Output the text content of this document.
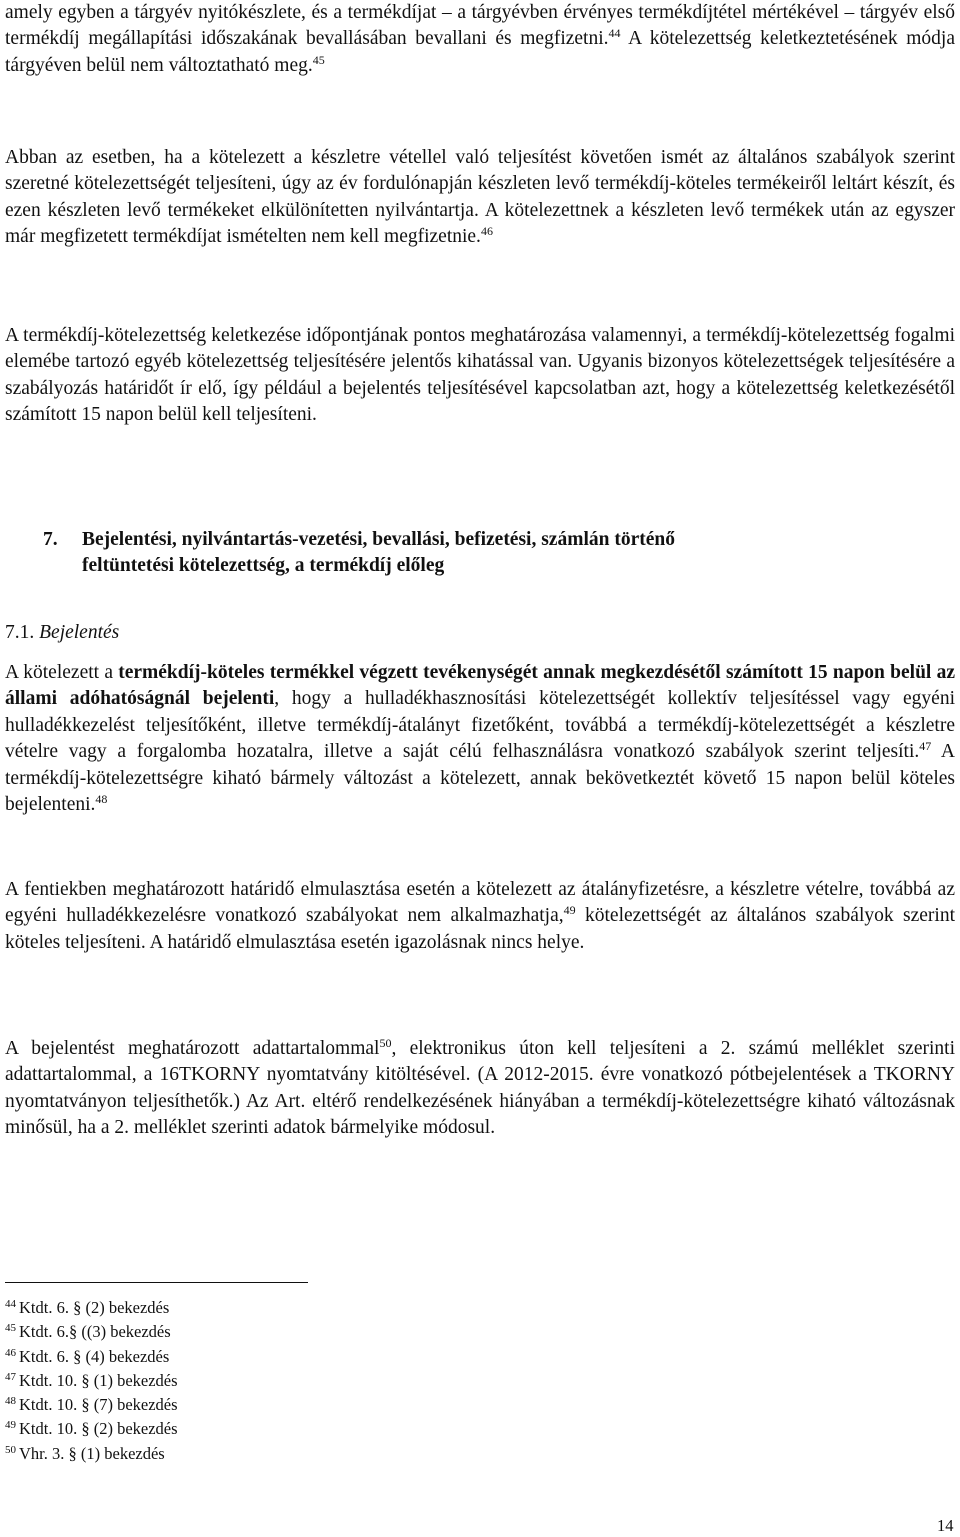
amely egyben a tárgyév nyitókészlete, és a termékdíjat – a tárgyévben érvényes termékdíjtétel mértékével – tárgyév első termékdíj megállapítási időszakának bevallásában bevallani és megfizetni.$^{44}$ A kötelezettség keletkeztetésének módja tárgyéven belül nem változtatható meg.$^{45}$

Abban az esetben, ha a kötelezett a készletre vétellel való teljesítést követően ismét az általános szabályok szerint szeretné kötelezettségét teljesíteni, úgy az év fordulónapján készleten levő termékdíj-köteles termékeiről leltárt készít, és ezen készleten levő termékeket elkülönítetten nyilvántartja. A kötelezettnek a készleten levő termékek után az egyszer már megfizetett termékdíjat ismételten nem kell megfizetnie.$^{46}$

A termékdíj-kötelezettség keletkezése időpontjának pontos meghatározása valamennyi, a termékdíj-kötelezettség fogalmi elemébe tartozó egyéb kötelezettség teljesítésére jelentős kihatással van. Ugyanis bizonyos kötelezettségek teljesítésére a szabályozás határidőt ír elő, így például a bejelentés teljesítésével kapcsolatban azt, hogy a kötelezettség keletkezésétől számított 15 napon belül kell teljesíteni.

7. Bejelentési, nyilvántartás-vezetési, bevallási, befizetési, számlán történő
feltüntetési kötelezettség, a termékdíj előleg
7.1. Bejelentés

A kötelezett a termékdíj-köteles termékkel végzett tevékenységét annak megkezdésétől számított 15 napon belül az állami adóhatóságnál bejelenti, hogy a hulladékhasznosítási kötelezettségét kollektív teljesítéssel vagy egyéni hulladékkezelést teljesítőként, illetve termékdíj-átalányt fizetőként, továbbá a termékdíj-kötelezettségét a készletre vételre vagy a forgalomba hozatalra, illetve a saját célú felhasználásra vonatkozó szabályok szerint teljesíti.$^{47}$ A termékdíj-kötelezettségre kiható bármely változást a kötelezett, annak bekövetkeztét követő 15 napon belül köteles bejelenteni.$^{48}$

A fentiekben meghatározott határidő elmulasztása esetén a kötelezett az átalányfizetésre, a készletre vételre, továbbá az egyéni hulladékkezelésre vonatkozó szabályokat nem alkalmazhatja,$^{49}$ kötelezettségét az általános szabályok szerint köteles teljesíteni. A határidő elmulasztása esetén igazolásnak nincs helye.

A bejelentést meghatározott adattartalommal$^{50}$, elektronikus úton kell teljesíteni a 2. számú melléklet szerinti adattartalommal, a 16TKORNY nyomtatvány kitöltésével. (A 2012-2015. évre vonatkozó pótbejelentések a TKORNY nyomtatványon teljesíthetők.) Az Art. eltérő rendelkezésének hiányában a termékdíj-kötelezettségre kiható változásnak minősül, ha a 2. melléklet szerinti adatok bármelyike módosul.

$^{44}$ Ktdt. 6. § (2) bekezdés
$^{45}$ Ktdt. 6.§ ((3) bekezdés
$^{46}$ Ktdt. 6. § (4) bekezdés
$^{47}$ Ktdt. 10. § (1) bekezdés
$^{48}$ Ktdt. 10. § (7) bekezdés
$^{49}$ Ktdt. 10. § (2) bekezdés
$^{50}$ Vhr. 3. § (1) bekezdés
14
